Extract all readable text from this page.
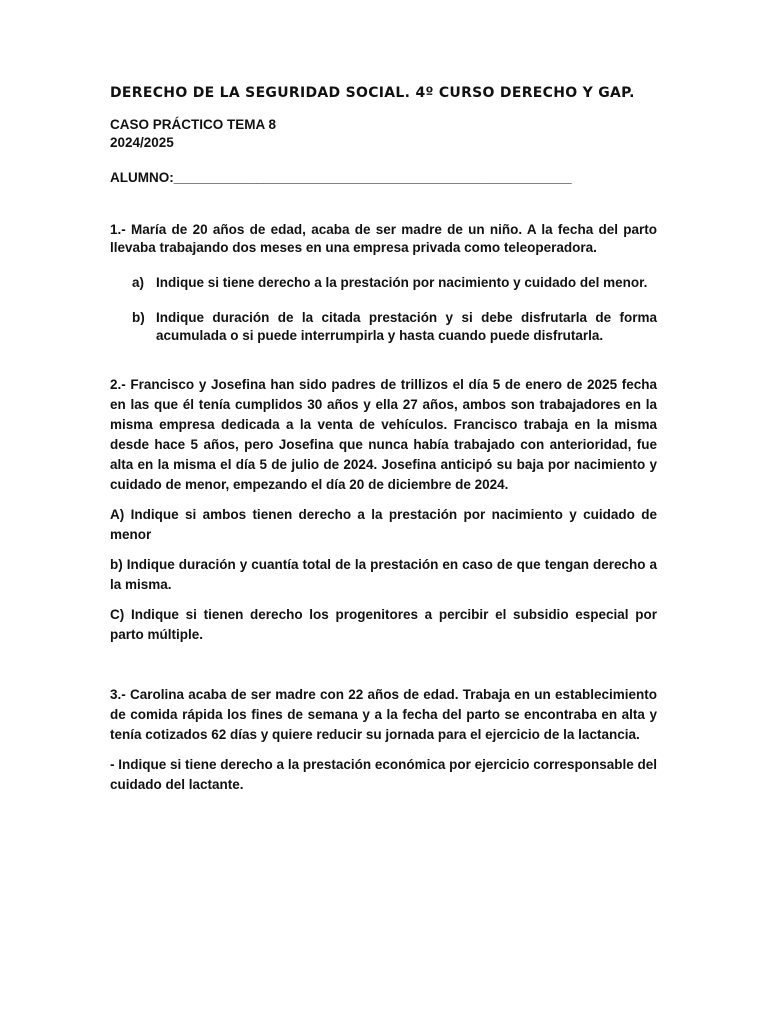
DERECHO DE LA SEGURIDAD SOCIAL. 4º CURSO DERECHO Y GAP.

CASO PRÁCTICO TEMA 8

2024/2025

ALUMNO:_____________________________________________________

1.- María de 20 años de edad, acaba de ser madre de un niño. A la fecha del parto llevaba trabajando dos meses en una empresa privada como teleoperadora.

a) Indique si tiene derecho a la prestación por nacimiento y cuidado del menor.
b) Indique duración de la citada prestación y si debe disfrutarla de forma acumulada o si puede interrumpirla y hasta cuando puede disfrutarla.

2.- Francisco y Josefina han sido padres de trillizos el día 5 de enero de 2025 fecha en las que él tenía cumplidos 30 años y ella 27 años, ambos son trabajadores en la misma empresa dedicada a la venta de vehículos. Francisco trabaja en la misma desde hace 5 años, pero Josefina que nunca había trabajado con anterioridad, fue alta en la misma el día 5 de julio de 2024. Josefina anticipó su baja por nacimiento y cuidado de menor, empezando el día 20 de diciembre de 2024.

A) Indique si ambos tienen derecho a la prestación por nacimiento y cuidado de menor

b) Indique duración y cuantía total de la prestación en caso de que tengan derecho a la misma.

C) Indique si tienen derecho los progenitores a percibir el subsidio especial por parto múltiple.

3.- Carolina acaba de ser madre con 22 años de edad. Trabaja en un establecimiento de comida rápida los fines de semana y a la fecha del parto se encontraba en alta y tenía cotizados 62 días y quiere reducir su jornada para el ejercicio de la lactancia.

- Indique si tiene derecho a la prestación económica por ejercicio corresponsable del cuidado del lactante.
